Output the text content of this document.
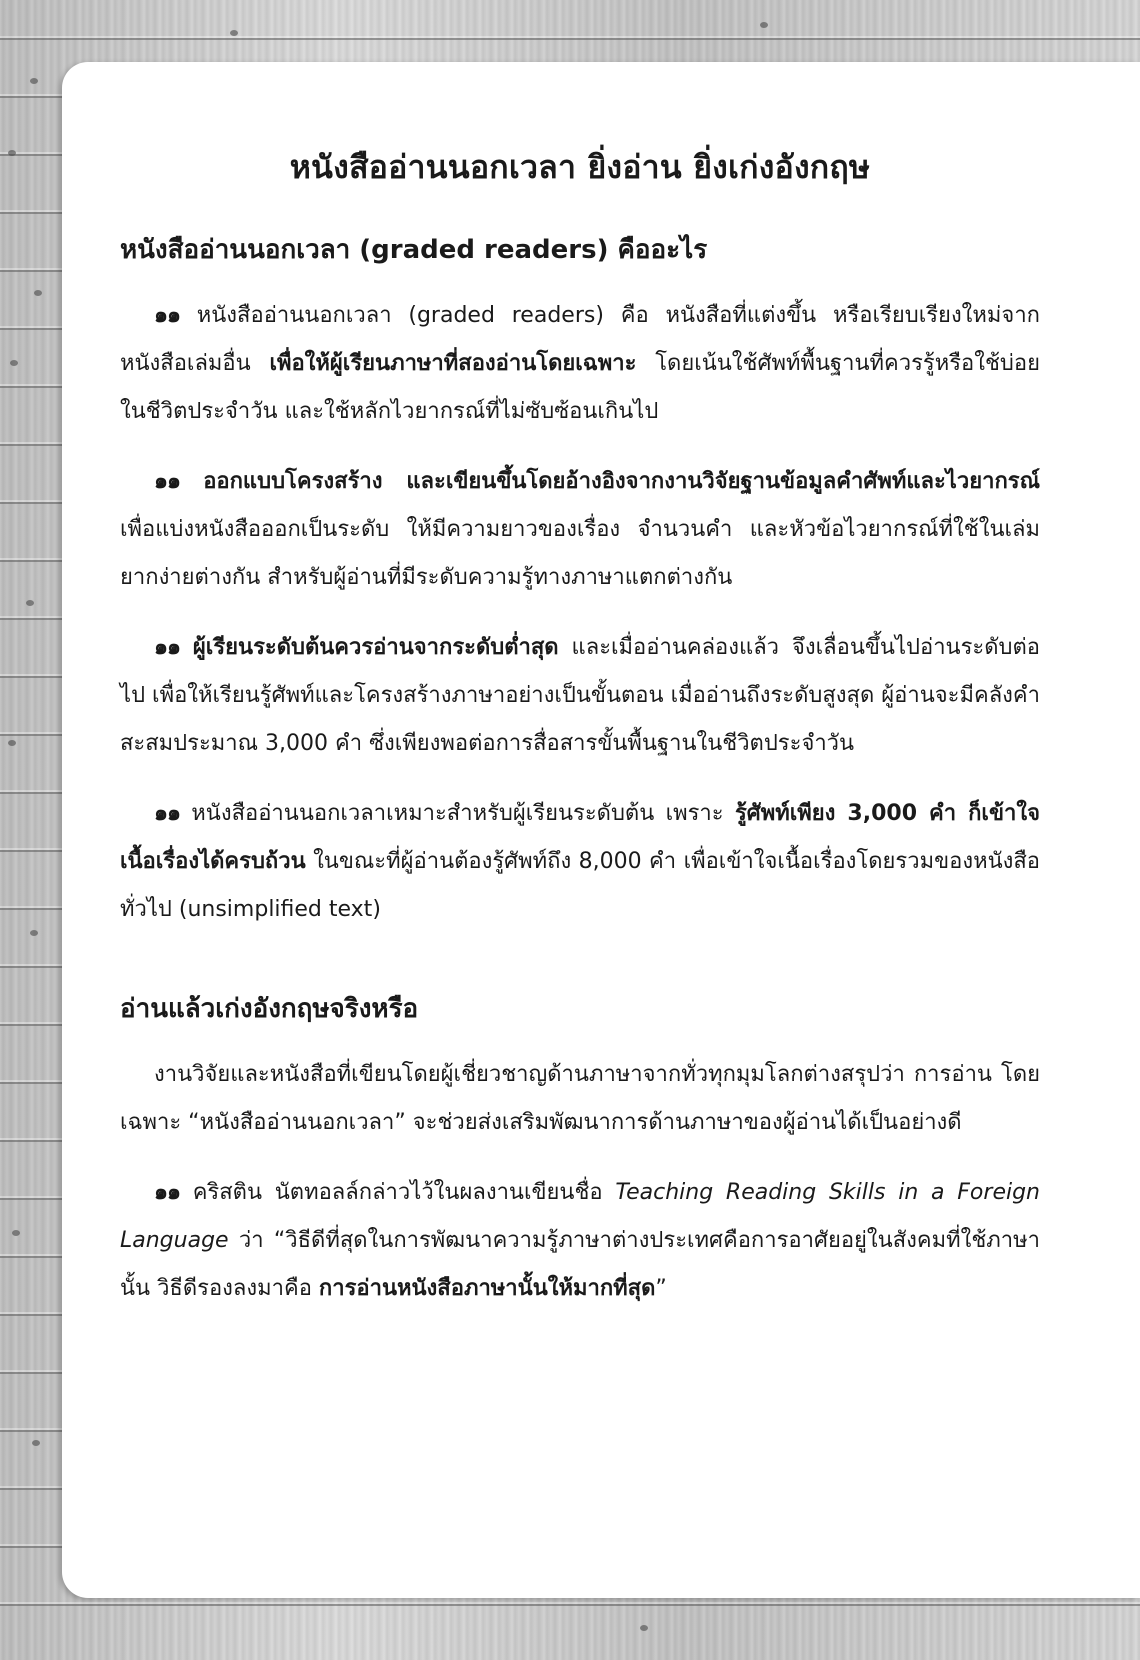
หนังสืออ่านนอกเวลา ยิ่งอ่าน ยิ่งเก่งอังกฤษ
หนังสืออ่านนอกเวลา (graded readers) คืออะไร

๑๑ หนังสืออ่านนอกเวลา (graded readers) คือ หนังสือที่แต่งขึ้น หรือเรียบเรียงใหม่จากหนังสือเล่มอื่น เพื่อให้ผู้เรียนภาษาที่สองอ่านโดยเฉพาะ โดยเน้นใช้ศัพท์พื้นฐานที่ควรรู้หรือใช้บ่อยในชีวิตประจำวัน และใช้หลักไวยากรณ์ที่ไม่ซับซ้อนเกินไป

๑๑ ออกแบบโครงสร้าง และเขียนขึ้นโดยอ้างอิงจากงานวิจัยฐานข้อมูลคำศัพท์และไวยากรณ์ เพื่อแบ่งหนังสือออกเป็นระดับ ให้มีความยาวของเรื่อง จำนวนคำ และหัวข้อไวยากรณ์ที่ใช้ในเล่มยากง่ายต่างกัน สำหรับผู้อ่านที่มีระดับความรู้ทางภาษาแตกต่างกัน

๑๑ ผู้เรียนระดับต้นควรอ่านจากระดับต่ำสุด และเมื่ออ่านคล่องแล้ว จึงเลื่อนขึ้นไปอ่านระดับต่อไป เพื่อให้เรียนรู้ศัพท์และโครงสร้างภาษาอย่างเป็นขั้นตอน เมื่ออ่านถึงระดับสูงสุด ผู้อ่านจะมีคลังคำสะสมประมาณ 3,000 คำ ซึ่งเพียงพอต่อการสื่อสารขั้นพื้นฐานในชีวิตประจำวัน

๑๑ หนังสืออ่านนอกเวลาเหมาะสำหรับผู้เรียนระดับต้น เพราะ รู้ศัพท์เพียง 3,000 คำ ก็เข้าใจเนื้อเรื่องได้ครบถ้วน ในขณะที่ผู้อ่านต้องรู้ศัพท์ถึง 8,000 คำ เพื่อเข้าใจเนื้อเรื่องโดยรวมของหนังสือทั่วไป (unsimplified text)

อ่านแล้วเก่งอังกฤษจริงหรือ

งานวิจัยและหนังสือที่เขียนโดยผู้เชี่ยวชาญด้านภาษาจากทั่วทุกมุมโลกต่างสรุปว่า การอ่าน โดยเฉพาะ “หนังสืออ่านนอกเวลา” จะช่วยส่งเสริมพัฒนาการด้านภาษาของผู้อ่านได้เป็นอย่างดี

๑๑ คริสติน นัตทอลล์กล่าวไว้ในผลงานเขียนชื่อ Teaching Reading Skills in a Foreign Language ว่า “วิธีดีที่สุดในการพัฒนาความรู้ภาษาต่างประเทศคือการอาศัยอยู่ในสังคมที่ใช้ภาษานั้น วิธีดีรองลงมาคือ การอ่านหนังสือภาษานั้นให้มากที่สุด”
